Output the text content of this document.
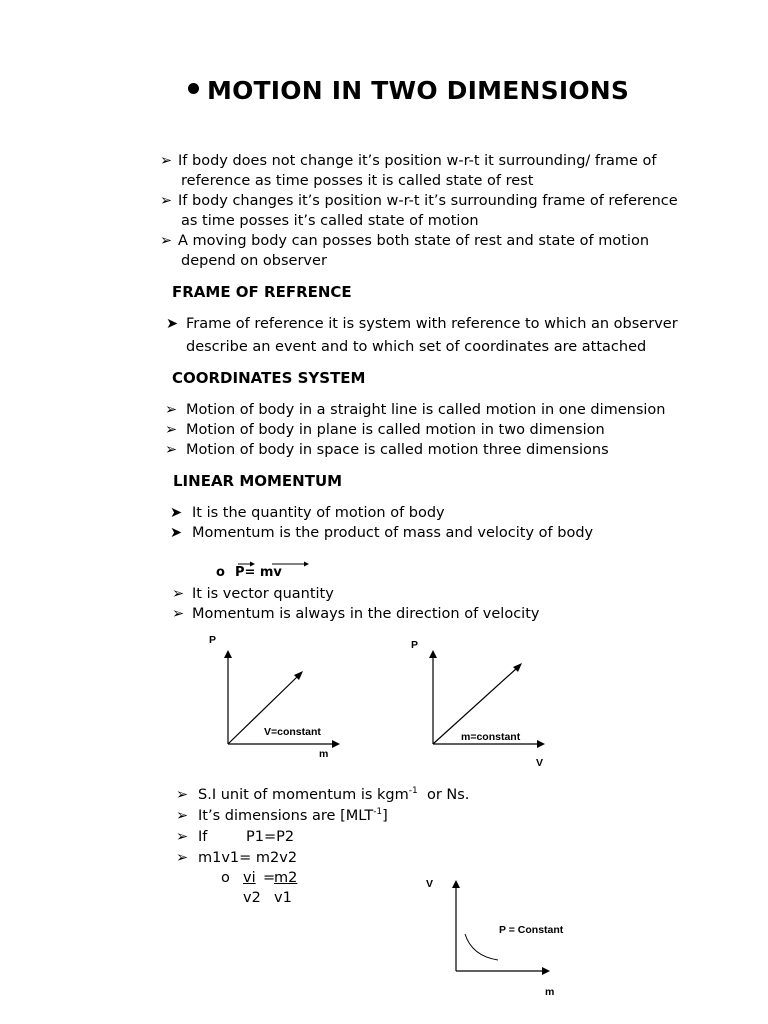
MOTION IN TWO DIMENSIONS
➢ If body does not change it’s position w-r-t it surrounding/ frame of
reference as time posses it is called state of rest
➢ If body changes it’s position w-r-t it’s surrounding frame of reference
as time posses it’s called state of motion
➢ A moving body can posses both state of rest and state of motion
depend on observer
FRAME OF REFRENCE
➤ Frame of reference it is system with reference to which an observer
describe an event and to which set of coordinates are attached
COORDINATES SYSTEM
➢ Motion of body in a straight line is called motion in one dimension
➢ Motion of body in plane is called motion in two dimension
➢ Motion of body in space is called motion three dimensions
LINEAR MOMENTUM
➤ It is the quantity of motion of body
➤ Momentum is the product of mass and velocity of body
o P= mv
➢ It is vector quantity
➢ Momentum is always in the direction of velocity
P
m
V=constant
P
V
m=constant
➢ S.I unit of momentum is kgm$^{-1}$  or Ns.
➢ It’s dimensions are $[MLT^{-1}]$
➢ If	P1=P2
➢ m1v1= m2v2
o vi =
m2
v2 v1
V
m
P = Constant
